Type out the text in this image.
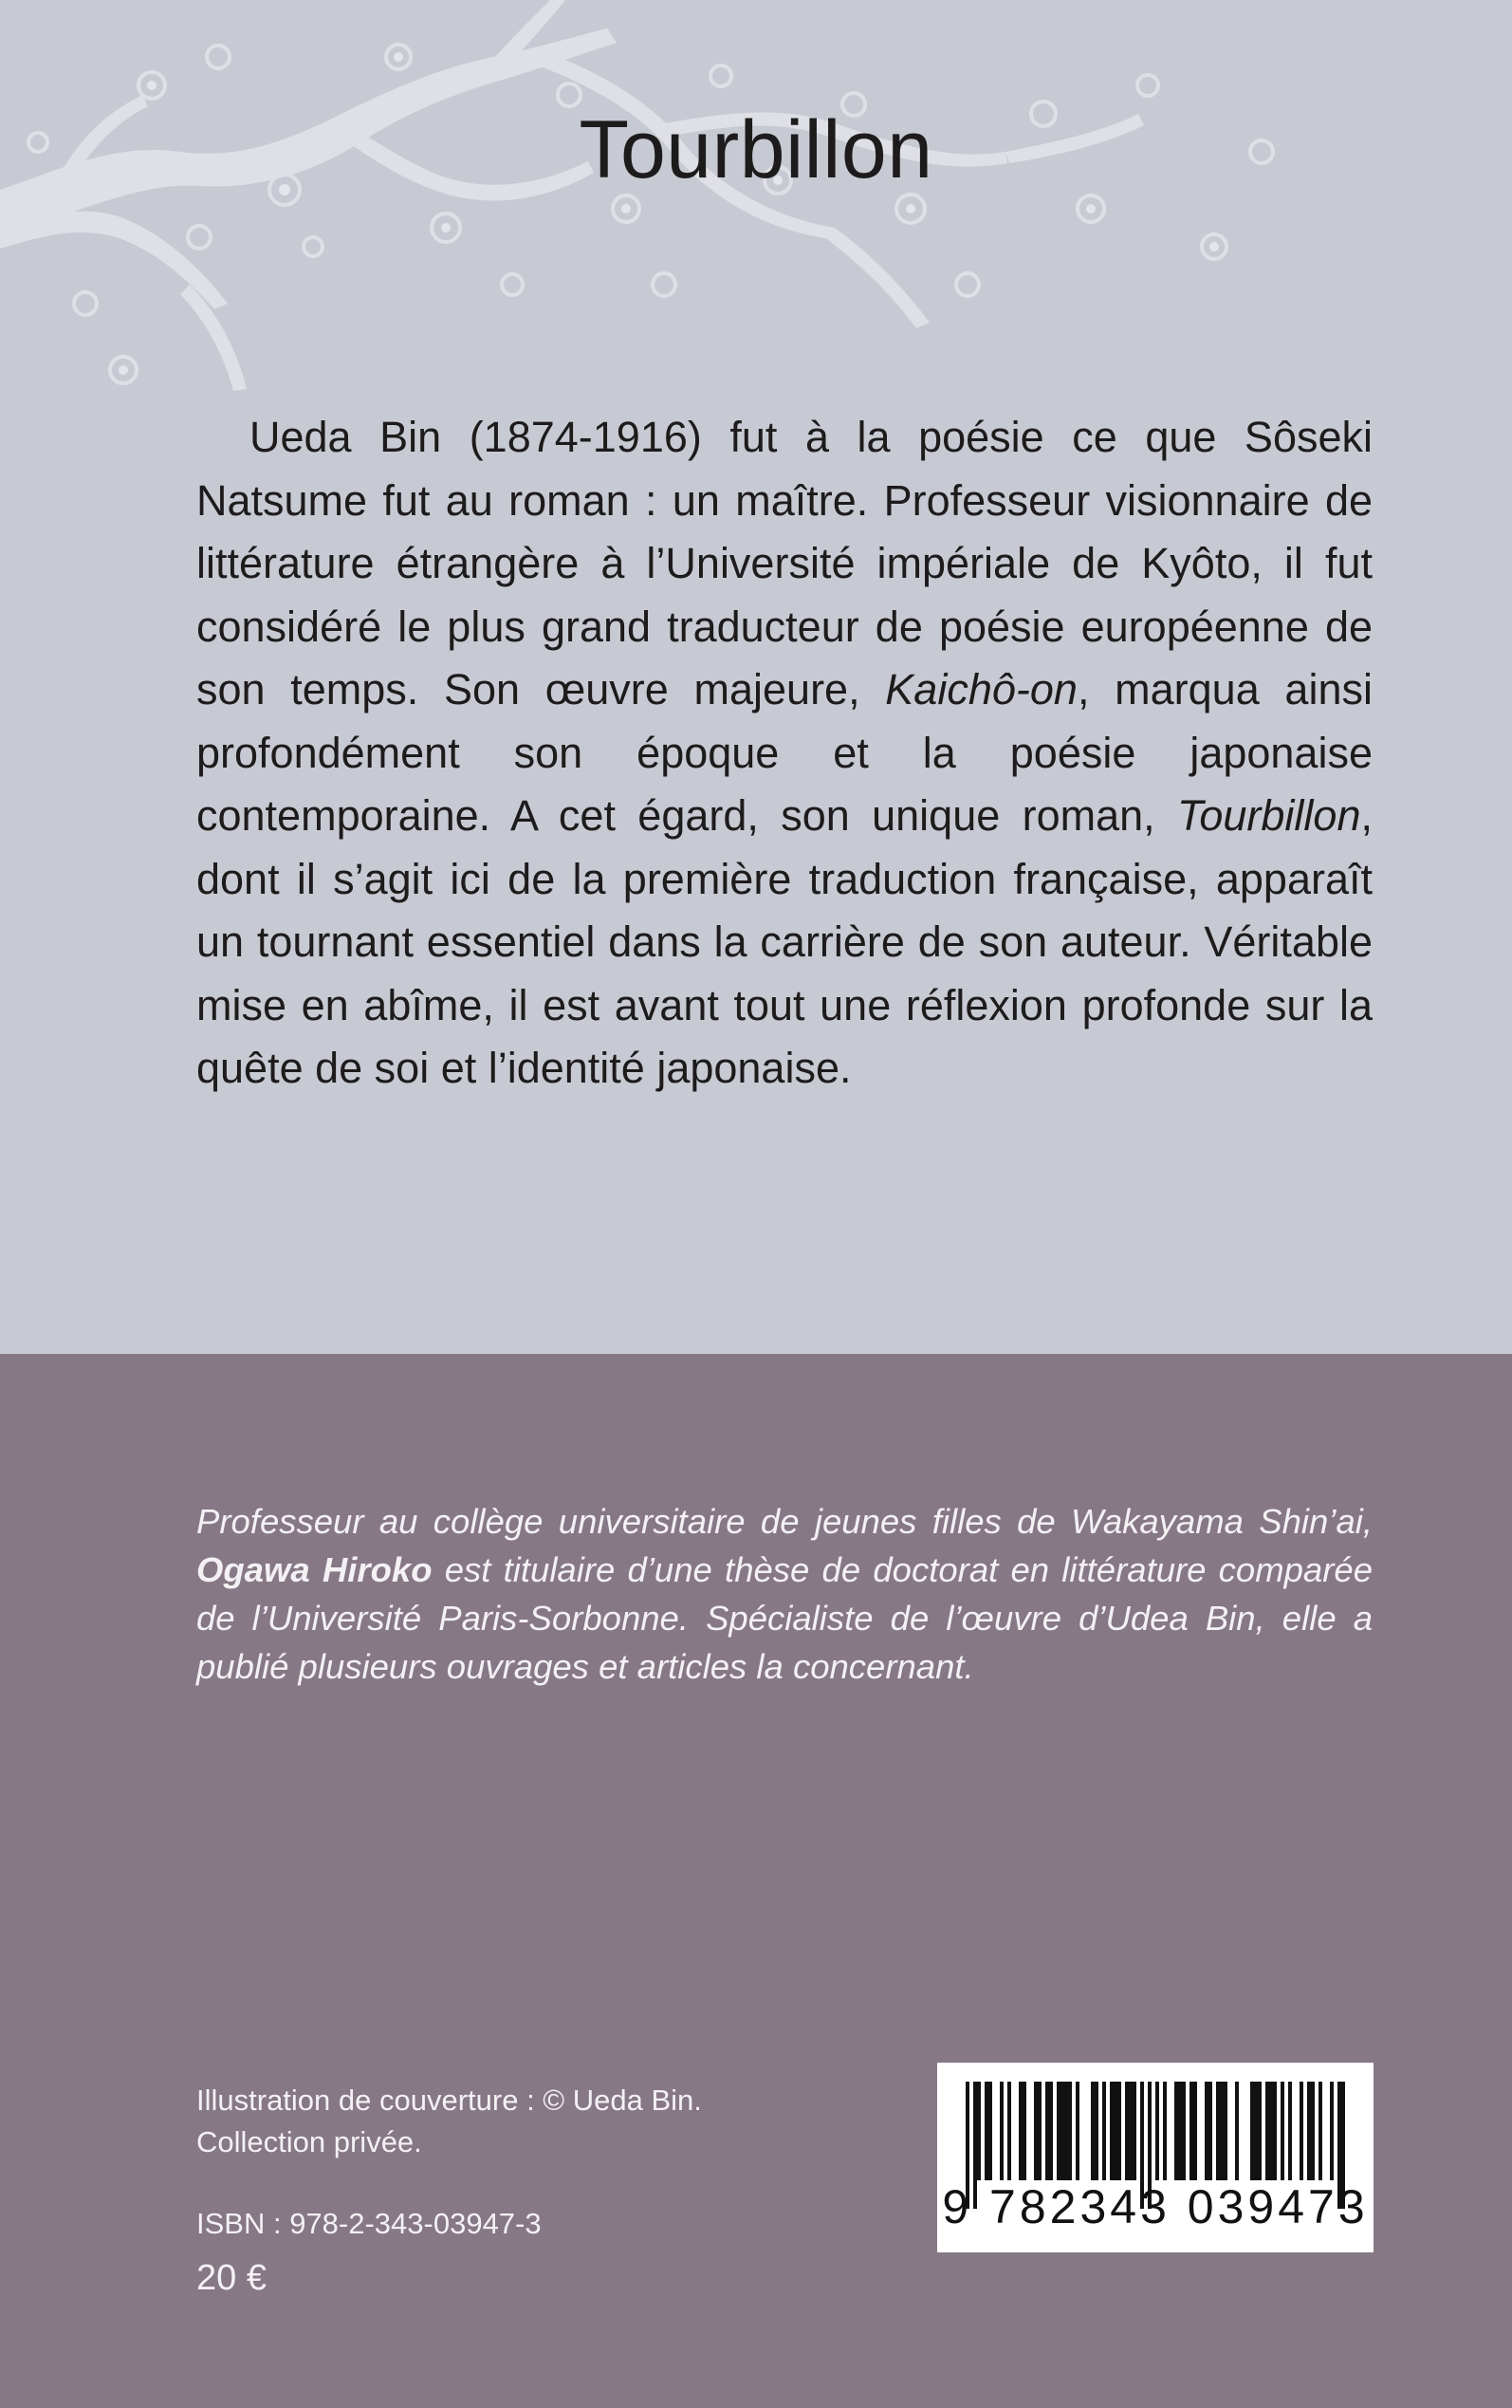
Tourbillon

Ueda Bin (1874-1916) fut à la poésie ce que Sôseki Natsume fut au roman : un maître. Professeur visionnaire de littérature étrangère à l’Université impériale de Kyôto, il fut considéré le plus grand traducteur de poésie européenne de son temps. Son œuvre majeure, Kaichô-on, marqua ainsi profondément son époque et la poésie japonaise contemporaine. A cet égard, son unique roman, Tourbillon, dont il s’agit ici de la première traduction française, apparaît un tournant essentiel dans la carrière de son auteur. Véritable mise en abîme, il est avant tout une réflexion profonde sur la quête de soi et l’identité japonaise.

Professeur au collège universitaire de jeunes filles de Wakayama Shin’ai, Ogawa Hiroko est titulaire d’une thèse de doctorat en littérature comparée de l’Université Paris-Sorbonne. Spécialiste de l’œuvre d’Udea Bin, elle a publié plusieurs ouvrages et articles la concernant.

Illustration de couverture : © Ueda Bin.
Collection privée.
ISBN : 978-2-343-03947-3
20 €
9 782343 039473
